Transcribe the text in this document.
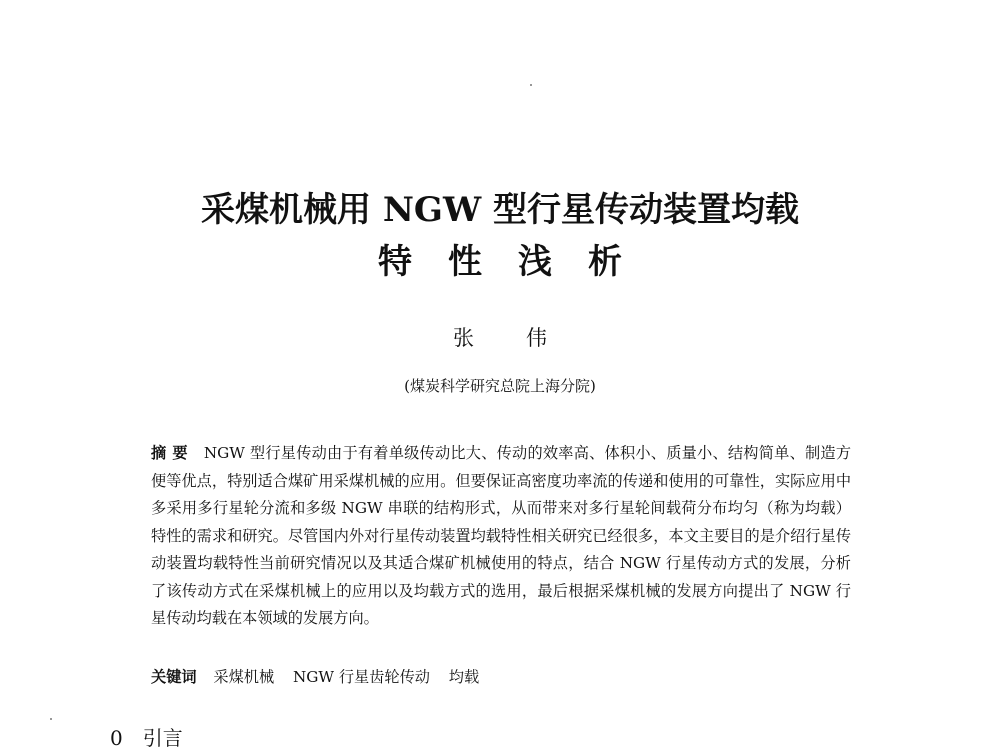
采煤机械用 NGW 型行星传动装置均载
特 性 浅 析
张 伟
(煤炭科学研究总院上海分院)
摘要 NGW 型行星传动由于有着单级传动比大、传动的效率高、体积小、质量小、结构简单、制造方便等优点，特别适合煤矿用采煤机械的应用。但要保证高密度功率流的传递和使用的可靠性，实际应用中多采用多行星轮分流和多级 NGW 串联的结构形式，从而带来对多行星轮间载荷分布均匀（称为均载）特性的需求和研究。尽管国内外对行星传动装置均载特性相关研究已经很多，本文主要目的是介绍行星传动装置均载特性当前研究情况以及其适合煤矿机械使用的特点，结合 NGW 行星传动方式的发展，分析了该传动方式在采煤机械上的应用以及均载方式的选用，最后根据采煤机械的发展方向提出了 NGW 行星传动均载在本领域的发展方向。
关键词 采煤机械 NGW 行星齿轮传动 均载
0 引言
